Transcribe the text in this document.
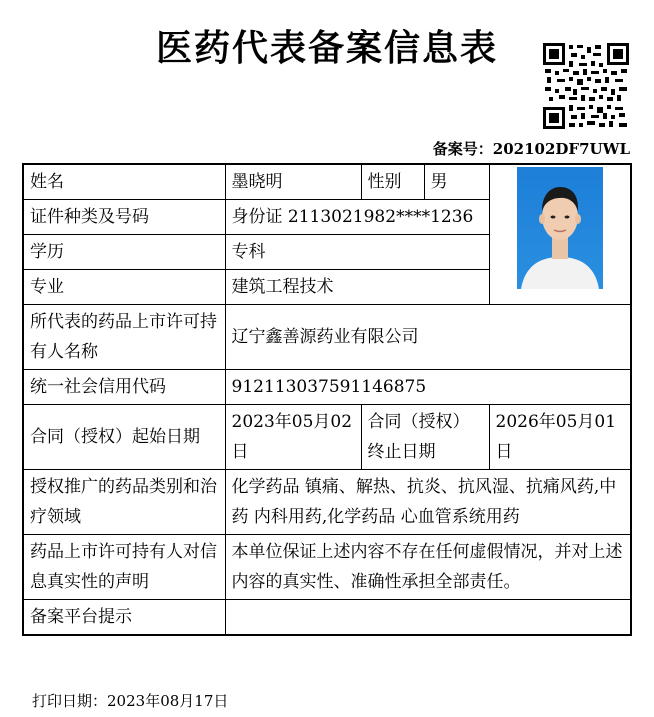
医药代表备案信息表
备案号：202102DF7UWL
姓名	墨晓明	性别	男	

证件种类及号码	身份证 2113021982****1236			
学历	专科			
专业	建筑工程技术			
所代表的药品上市许可持有人名称	辽宁鑫善源药业有限公司			
统一社会信用代码	912113037591146875			
合同（授权）起始日期	2023年05月02日	合同（授权）终止日期		2026年05月01日
授权推广的药品类别和治疗领域	化学药品 镇痛、解热、抗炎、抗风湿、抗痛风药,中药 内科用药,化学药品 心血管系统用药			
药品上市许可持有人对信息真实性的声明	本单位保证上述内容不存在任何虚假情况，并对上述内容的真实性、准确性承担全部责任。			
备案平台提示				
打印日期：2023年08月17日
